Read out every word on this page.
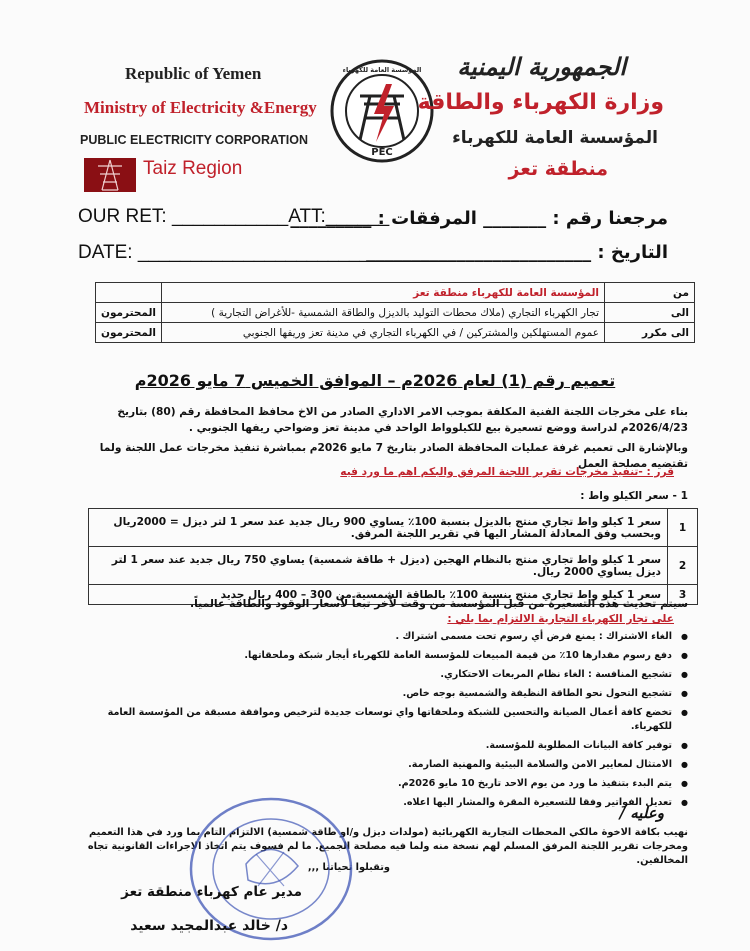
Republic of Yemen
Ministry of Electricity &Energy
PUBLIC ELECTRICITY CORPORATION
Taiz Region
PEC
المؤسسة العامة للكهرباء الجمهورية اليمنية
وزارة الكهرباء والطاقة
المؤسسة العامة للكهرباء
منطقة تعز
OUR RET: ___________ATT:______
DATE: ______________________________
مرجعنا رقم : _______ المرفقات : _________
التاريخ : _________________________
من	المؤسسة العامة للكهرباء منطقة تعز	
الى	تجار الكهرباء التجاري (ملاك محطات التوليد بالديزل والطاقة الشمسية -للأغراض التجارية )	المحترمون
الى مكرر	عموم المستهلكين والمشتركين / في الكهرباء التجاري في مدينة تعز وريفها الجنوبي	المحترمون
تعميم رقم (1) لعام 2026م – الموافق الخميس 7 مايو 2026م
بناء على مخرجات اللجنة الفنية المكلفة بموجب الامر الاداري الصادر من الاخ محافظ المحافظة رقم (80) بتاريخ 2026/4/23م لدراسة ووضع تسعيرة بيع للكيلوواط الواحد في مدينة تعز وضواحي ريفها الجنوبي .
وبالإشارة الى تعميم غرفة عمليات المحافظة الصادر بتاريخ 7 مايو 2026م بمباشرة تنفيذ مخرجات عمل اللجنة ولما تقتضيه مصلحة العمل
قرر : -تنفيذ مخرجات تقرير اللجنة المرفق والبكم اهم ما ورد فيه
1 - سعر الكيلو واط :
1	سعر 1 كيلو واط تجاري منتج بالديزل بنسبة 100٪ يساوي 900 ريال جديد عند سعر 1 لتر ديزل = 2000ريال وبحسب وفق المعادلة المشار اليها في تقرير اللجنة المرفق.
2	سعر 1 كيلو واط تجاري منتج بالنظام الهجين (ديزل + طاقة شمسية) يساوي 750 ريال جديد عند سعر 1 لتر ديزل يساوي 2000 ريال.
3	سعر 1 كيلو واط تجاري منتج بنسبة 100٪ بالطاقة الشمسية من 300 – 400 ريال جديد
سيتم تحديث هذه التسعيرة من قبل المؤسسة من وقت لآخر تبعاً لأسعار الوقود والطاقة عالمياً.
على تجار الكهرباء التجارية الالتزام بما يلي :
● الغاء الاشتراك : يمنع فرض أي رسوم تحت مسمى اشتراك .
● دفع رسوم مقدارها 10٪ من قيمة المبيعات للمؤسسة العامة للكهرباء أيجار شبكة وملحقاتها.
● تشجيع المنافسة : الغاء نظام المربعات الاحتكاري.
● تشجيع التحول نحو الطاقة النظيفة والشمسية بوجه خاص.
● تخضع كافة أعمال الصيانة والتحسين للشبكة وملحقاتها واي توسعات جديدة لترخيص وموافقة مسبقة من المؤسسة العامة للكهرباء.
● توفير كافة البيانات المطلوبة للمؤسسة.
● الامتثال لمعايير الامن والسلامة البيئية والمهنية الصارمة.
● يتم البدء بتنفيذ ما ورد من يوم الاحد تاريخ 10 مايو 2026م.
● تعديل الفواتير وفقا للتسعيرة المقرة والمشار اليها اعلاه.
وعليه /
نهيب بكافة الاخوة مالكي المحطات التجارية الكهربائية (مولدات ديزل و/او طاقة شمسية) الالتزام التام بما ورد في هذا التعميم ومخرجات تقرير اللجنة المرفق المسلم لهم نسخة منه ولما فيه مصلحة الجميع. ما لم فسوف يتم اتخاذ الاجراءات القانونية تجاه المخالفين.
وتقبلوا تحياتنا ,,,
مدير عام كهرباء منطقة تعز
د/ خالد عبدالمجيد سعيد
